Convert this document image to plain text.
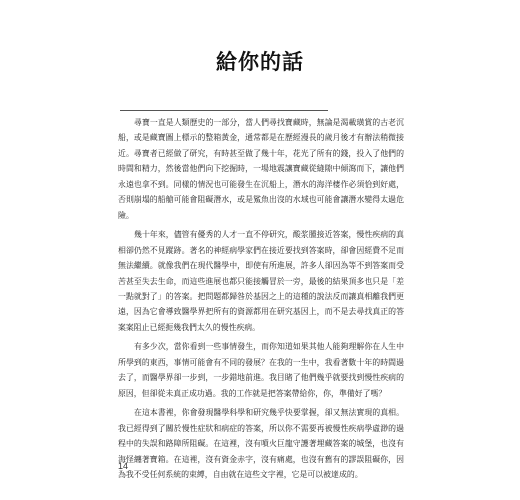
給你的話

尋寶一直是人類歷史的一部分，當人們尋找寶藏時，無論是渴載璜賞的古老沉船，或是藏寶圖上標示的整箱黃金，通常都是在歷經漫長的歲月後才有辦法稍微接近。尋寶者已經做了研究，有時甚至做了幾十年，花光了所有的錢，投入了他們的時間和精力，然後當他們向下挖掘時，一場地震讓寶藏從縫隙中傾瀉而下，讓他們永遠也拿不到。同樣的情況也可能發生在沉船上，潛水的海洋棲作必須恰到好處，否則崩塌的船艙可能會阻礙潛水，或是鯊魚出沒的水域也可能會讓潛水變得太過危險。

幾十年來，儘管有優秀的人才一直不停研究，酸浆腫接近答案，慢性疾病的真相卻仍然不見蹤跡。著名的神經病學家們在接近要找到答案時，卻會因經費不足而無法繼續。就像我們在現代醫學中，即使有所進展，許多人卻因為等不到答案而受苦甚至失去生命，而這些進展也都只能接觸冒於一旁，最後的結果頂多也只是「差一點就對了」的答案。把問題都歸咎於基因之上的這種的說法反而讓真相離我們更遠，因為它會導致醫學界把所有的資源都用在研究基因上，而不是去尋找真正的答案案阻止已經扼幾我們太久的慢性疾病。

有多少次，當你看到一些事情發生，而你知道如果其他人能夠理解你在人生中所學到的東西，事情可能會有不同的發展？在我的一生中，我看著數十年的時間過去了，而醫學界卻一步到，一步錯地前進。我目睹了他們幾乎就要找到慢性疾病的原因，但卻從未真正成功過。我的工作就是把答案帶給你，你，準備好了嗎？

在這本書裡，你會發現醫學科學和研究幾乎快要掌握，卻又無法實現的真相。我已經得到了關於慢性症狀和病症的答案，所以你不需要再被慢性疾病學虛渺的過程中的失誤和路障所阻礙。在這裡，沒有噴火巨龍守護著埋藏答案的城堡，也沒有海怪纏著寶箱。在這裡，沒有資金赤字，沒有痛處，也沒有舊有的謬誤阻礙你，因為我不受任何系統的束縛，自由就在這些文字裡，它是可以被達成的。

14
